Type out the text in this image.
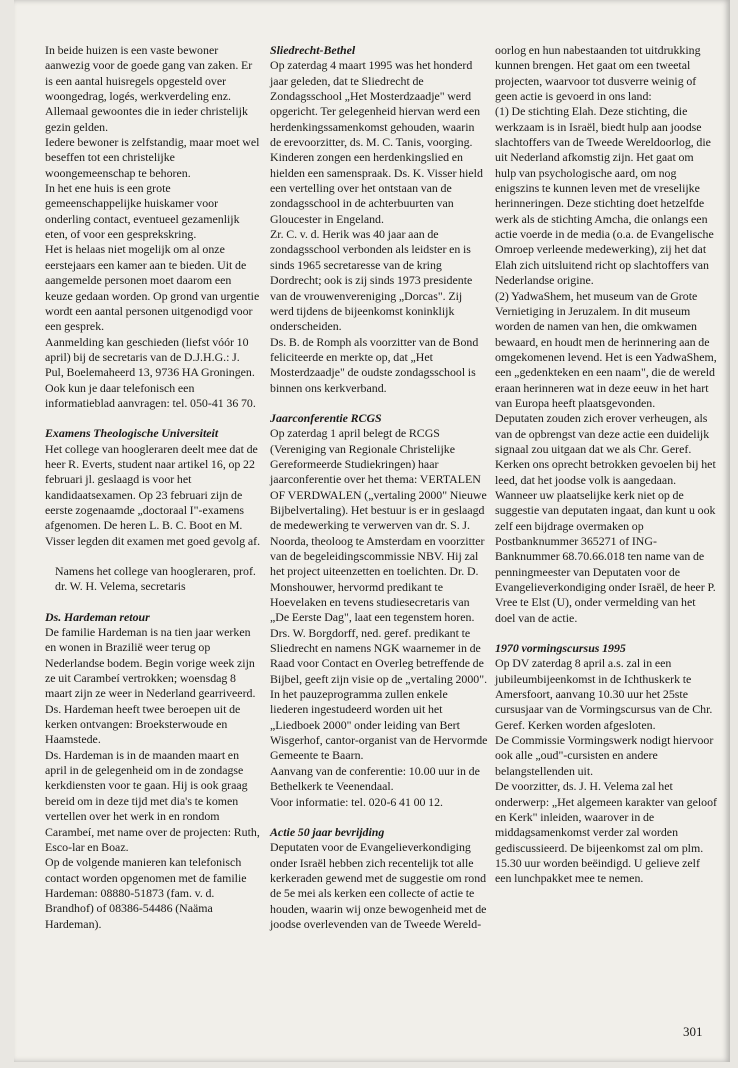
In beide huizen is een vaste bewoner aanwezig voor de goede gang van zaken. Er is een aantal huisregels opgesteld over woongedrag, logés, werkverdeling enz. Allemaal gewoontes die in ieder christelijk gezin gelden.

Iedere bewoner is zelfstandig, maar moet wel beseffen tot een christelijke woongemeenschap te behoren.

In het ene huis is een grote gemeenschappelijke huiskamer voor onderling contact, eventueel gezamenlijk eten, of voor een gesprekskring.

Het is helaas niet mogelijk om al onze eerstejaars een kamer aan te bieden. Uit de aangemelde personen moet daarom een keuze gedaan worden. Op grond van urgentie wordt een aantal personen uitgenodigd voor een gesprek.

Aanmelding kan geschieden (liefst vóór 10 april) bij de secretaris van de D.J.H.G.: J. Pul, Boelemaheerd 13, 9736 HA Groningen. Ook kun je daar telefonisch een informatieblad aanvragen: tel. 050-41 36 70.

Examens Theologische Universiteit

Het college van hoogleraren deelt mee dat de heer R. Everts, student naar artikel 16, op 22 februari jl. geslaagd is voor het kandidaatsexamen. Op 23 februari zijn de eerste zogenaamde „doctoraal I"-examens afgenomen. De heren L. B. C. Boot en M. Visser legden dit examen met goed gevolg af.

Namens het college van hoogleraren, prof. dr. W. H. Velema, secretaris

Ds. Hardeman retour

De familie Hardeman is na tien jaar werken en wonen in Brazilië weer terug op Nederlandse bodem. Begin vorige week zijn ze uit Carambeí vertrokken; woensdag 8 maart zijn ze weer in Nederland gearriveerd. Ds. Hardeman heeft twee beroepen uit de kerken ontvangen: Broeksterwoude en Haamstede.

Ds. Hardeman is in de maanden maart en april in de gelegenheid om in de zondagse kerkdiensten voor te gaan. Hij is ook graag bereid om in deze tijd met dia's te komen vertellen over het werk in en rondom Carambeí, met name over de projecten: Ruth, Esco-lar en Boaz.

Op de volgende manieren kan telefonisch contact worden opgenomen met de familie Hardeman: 08880-51873 (fam. v. d. Brandhof) of 08386-54486 (Naäma Hardeman).

Sliedrecht-Bethel

Op zaterdag 4 maart 1995 was het honderd jaar geleden, dat te Sliedrecht de Zondagsschool „Het Mosterdzaadje" werd opgericht. Ter gelegenheid hiervan werd een herdenkingssamenkomst gehouden, waarin de erevoorzitter, ds. M. C. Tanis, voorging. Kinderen zongen een herdenkingslied en hielden een samenspraak. Ds. K. Visser hield een vertelling over het ontstaan van de zondagsschool in de achterbuurten van Gloucester in Engeland.

Zr. C. v. d. Herik was 40 jaar aan de zondagsschool verbonden als leidster en is sinds 1965 secretaresse van de kring Dordrecht; ook is zij sinds 1973 presidente van de vrouwenvereniging „Dorcas". Zij werd tijdens de bijeenkomst koninklijk onderscheiden.

Ds. B. de Romph als voorzitter van de Bond feliciteerde en merkte op, dat „Het Mosterdzaadje" de oudste zondagsschool is binnen ons kerkverband.

Jaarconferentie RCGS

Op zaterdag 1 april belegt de RCGS (Vereniging van Regionale Christelijke Gereformeerde Studiekringen) haar jaarconferentie over het thema: VERTALEN OF VERDWALEN („vertaling 2000" Nieuwe Bijbelvertaling). Het bestuur is er in geslaagd de medewerking te verwerven van dr. S. J. Noorda, theoloog te Amsterdam en voorzitter van de begeleidingscommissie NBV. Hij zal het project uiteenzetten en toelichten. Dr. D. Monshouwer, hervormd predikant te Hoevelaken en tevens studiesecretaris van „De Eerste Dag", laat een tegenstem horen. Drs. W. Borgdorff, ned. geref. predikant te Sliedrecht en namens NGK waarnemer in de Raad voor Contact en Overleg betreffende de Bijbel, geeft zijn visie op de „vertaling 2000".

In het pauzeprogramma zullen enkele liederen ingestudeerd worden uit het „Liedboek 2000" onder leiding van Bert Wisgerhof, cantor-organist van de Hervormde Gemeente te Baarn.

Aanvang van de conferentie: 10.00 uur in de Bethelkerk te Veenendaal.

Voor informatie: tel. 020-6 41 00 12.

Actie 50 jaar bevrijding

Deputaten voor de Evangelieverkondiging onder Israël hebben zich recentelijk tot alle kerkeraden gewend met de suggestie om rond de 5e mei als kerken een collecte of actie te houden, waarin wij onze bewogenheid met de joodse overlevenden van de Tweede Wereld-

oorlog en hun nabestaanden tot uitdrukking kunnen brengen. Het gaat om een tweetal projecten, waarvoor tot dusverre weinig of geen actie is gevoerd in ons land:

(1) De stichting Elah. Deze stichting, die werkzaam is in Israël, biedt hulp aan joodse slachtoffers van de Tweede Wereldoorlog, die uit Nederland afkomstig zijn. Het gaat om hulp van psychologische aard, om nog enigszins te kunnen leven met de vreselijke herinneringen. Deze stichting doet hetzelfde werk als de stichting Amcha, die onlangs een actie voerde in de media (o.a. de Evangelische Omroep verleende medewerking), zij het dat Elah zich uitsluitend richt op slachtoffers van Nederlandse origine.

(2) YadwaShem, het museum van de Grote Vernietiging in Jeruzalem. In dit museum worden de namen van hen, die omkwamen bewaard, en houdt men de herinnering aan de omgekomenen levend. Het is een YadwaShem, een „gedenkteken en een naam", die de wereld eraan herinneren wat in deze eeuw in het hart van Europa heeft plaatsgevonden.

Deputaten zouden zich erover verheugen, als van de opbrengst van deze actie een duidelijk signaal zou uitgaan dat we als Chr. Geref. Kerken ons oprecht betrokken gevoelen bij het leed, dat het joodse volk is aangedaan.

Wanneer uw plaatselijke kerk niet op de suggestie van deputaten ingaat, dan kunt u ook zelf een bijdrage overmaken op Postbanknummer 365271 of ING-Banknummer 68.70.66.018 ten name van de penningmeester van Deputaten voor de Evangelieverkondiging onder Israël, de heer P. Vree te Elst (U), onder vermelding van het doel van de actie.

1970 vormingscursus 1995

Op DV zaterdag 8 april a.s. zal in een jubileumbijeenkomst in de Ichthuskerk te Amersfoort, aanvang 10.30 uur het 25ste cursusjaar van de Vormingscursus van de Chr. Geref. Kerken worden afgesloten.

De Commissie Vormingswerk nodigt hiervoor ook alle „oud"-cursisten en andere belangstellenden uit.

De voorzitter, ds. J. H. Velema zal het onderwerp: „Het algemeen karakter van geloof en Kerk" inleiden, waarover in de middagsamenkomst verder zal worden gediscussieerd. De bijeenkomst zal om plm. 15.30 uur worden beëindigd. U gelieve zelf een lunchpakket mee te nemen.

301
